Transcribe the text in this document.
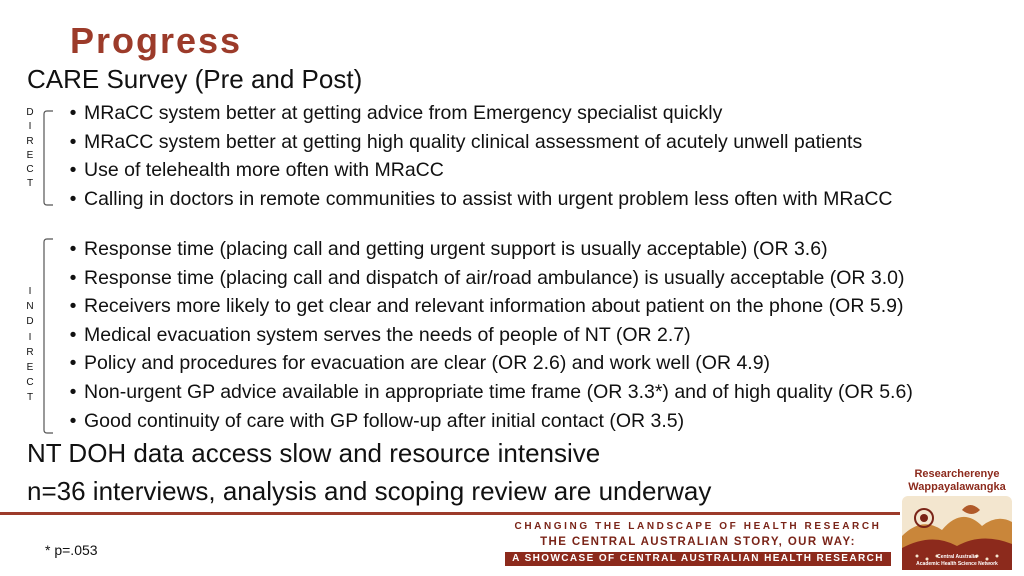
Progress
CARE Survey (Pre and Post)
D
I
R
E
C
T
• MRaCC system better at getting advice from Emergency specialist quickly
• MRaCC system better at getting high quality clinical assessment of acutely unwell patients
• Use of telehealth more often with MRaCC
• Calling in doctors in remote communities to assist with urgent problem less often with MRaCC
I
N
D
I
R
E
C
T
• Response time (placing call and getting urgent support is usually acceptable) (OR 3.6)
• Response time (placing call and dispatch of air/road ambulance) is usually acceptable (OR 3.0)
• Receivers more likely to get clear and relevant information about patient on the phone (OR 5.9)
• Medical evacuation system serves the needs of people of NT (OR 2.7)
• Policy and procedures for evacuation are clear (OR 2.6) and work well (OR 4.9)
• Non-urgent GP advice available in appropriate time frame (OR 3.3*) and of high quality (OR 5.6)
• Good continuity of care with GP follow-up after initial contact (OR 3.5)
NT DOH data access slow and resource intensive
n=36 interviews, analysis and scoping review are underway
* p=.053
CHANGING THE LANDSCAPE OF HEALTH RESEARCH
THE CENTRAL AUSTRALIAN STORY, OUR WAY:
A SHOWCASE OF CENTRAL AUSTRALIAN HEALTH RESEARCH
Researcherenye
Wappayalawangka
Central Australia
Academic Health Science Network
